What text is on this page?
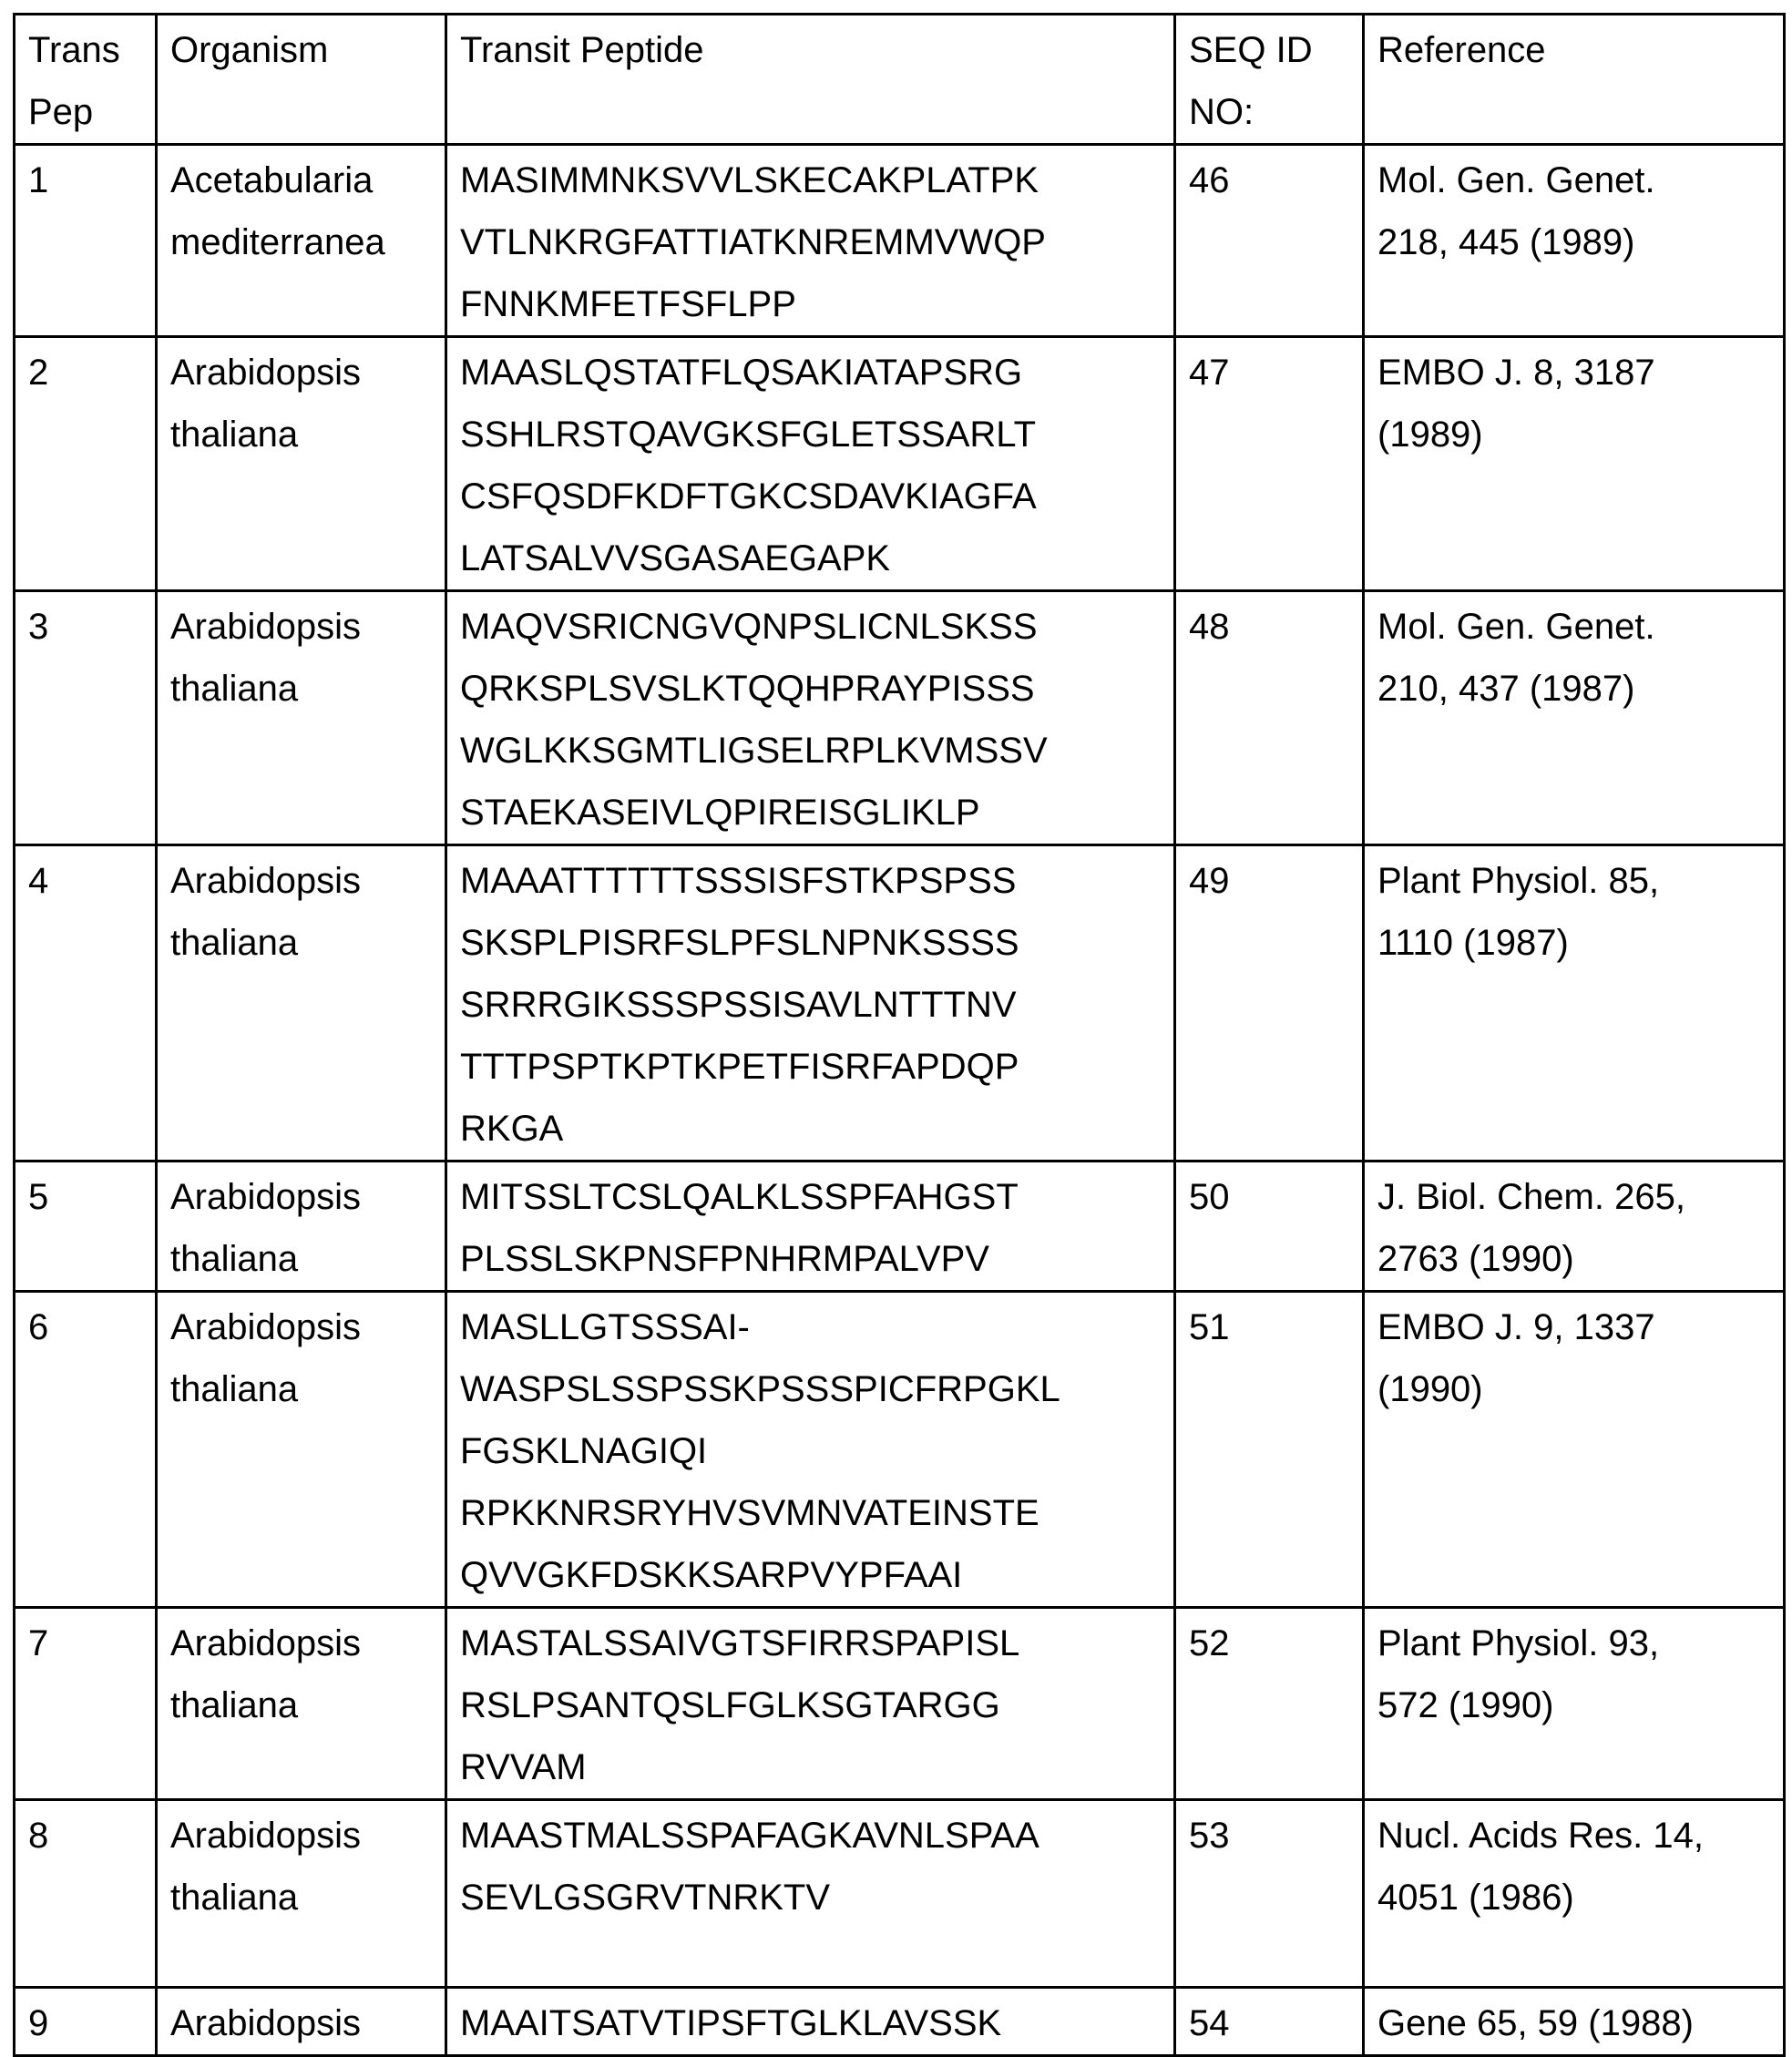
Trans
Pep	Organism	Transit Peptide	SEQ ID
NO:	Reference
1	Acetabularia
mediterranea	MASIMMNKSVVLSKECAKPLATPK
VTLNKRGFATTIATKNREMMVWQP
FNNKMFETFSFLPP	46	Mol. Gen. Genet.
218, 445 (1989)
2	Arabidopsis
thaliana	MAASLQSTATFLQSAKIATAPSRG
SSHLRSTQAVGKSFGLETSSARLT
CSFQSDFKDFTGKCSDAVKIAGFA
LATSALVVSGASAEGAPK	47	EMBO J. 8, 3187
(1989)
3	Arabidopsis
thaliana	MAQVSRICNGVQNPSLICNLSKSS
QRKSPLSVSLKTQQHPRAYPISSS
WGLKKSGMTLIGSELRPLKVMSSV
STAEKASEIVLQPIREISGLIKLP	48	Mol. Gen. Genet.
210, 437 (1987)
4	Arabidopsis
thaliana	MAAATTTTTTSSSISFSTKPSPSS
SKSPLPISRFSLPFSLNPNKSSSS
SRRRGIKSSSPSSISAVLNTTTNV
TTTPSPTKPTKPETFISRFAPDQP
RKGA	49	Plant Physiol. 85,
1110 (1987)
5	Arabidopsis
thaliana	MITSSLTCSLQALKLSSPFAHGST
PLSSLSKPNSFPNHRMPALVPV	50	J. Biol. Chem. 265,
2763 (1990)
6	Arabidopsis
thaliana	MASLLGTSSSAI-
WASPSLSSPSSKPSSSPICFRPGKL
FGSKLNAGIQI
RPKKNRSRYHVSVMNVATEINSTE
QVVGKFDSKKSARPVYPFAAI	51	EMBO J. 9, 1337
(1990)
7	Arabidopsis
thaliana	MASTALSSAIVGTSFIRRSPAPISL
RSLPSANTQSLFGLKSGTARGG
RVVAM	52	Plant Physiol. 93,
572 (1990)
8	Arabidopsis
thaliana	MAASTMALSSPAFAGKAVNLSPAA
SEVLGSGRVTNRKTV	53	Nucl. Acids Res. 14,
4051 (1986)
9	Arabidopsis	MAAITSATVTIPSFTGLKLAVSSK	54	Gene 65, 59 (1988)
